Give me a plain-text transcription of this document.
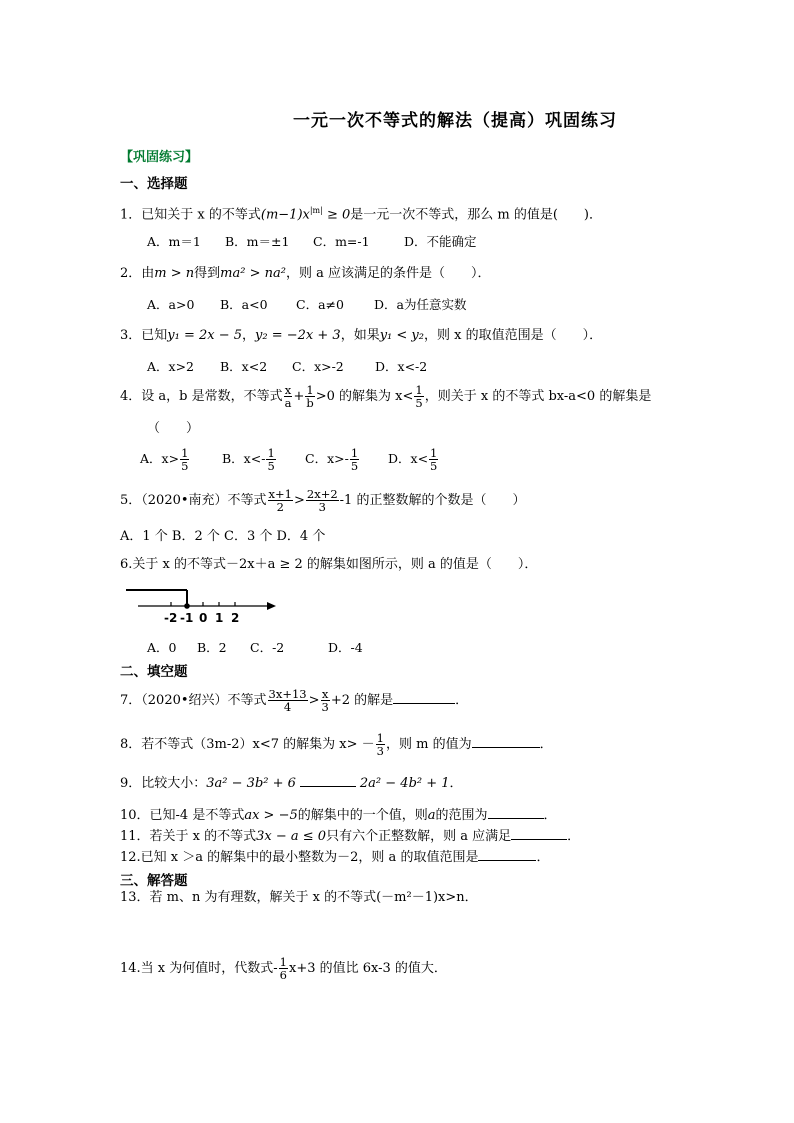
一元一次不等式的解法（提高）巩固练习
【巩固练习】
一、选择题
1．已知关于 x 的不等式$(m-1)x^{|m|} \ge 0$是一元一次不等式，那么 m 的值是(　　)．
A．m＝1 B．m＝±1 C．m=-1	D．不能确定
2．由m > n得到ma² > na²，则 a 应该满足的条件是（　　）．
A．a>0 B．a<0 C．a≠0 D．a为任意实数
3．已知y₁ = 2x − 5，y₂ = −2x + 3，如果y₁ < y₂，则 x 的取值范围是（　　）．
A．x>2 B．x<2 C．x>-2 D．x<-2
4．设 a，b 是常数，不等式 $\frac{x}{a} + \frac{1}{b} >0$ 的解集为 $x< \frac{1}{5}$ ，则关于 x 的不等式 bx-a<0 的解集是
（　　）
A．$x> \frac{1}{5}$	B．$x<- \frac{1}{5}$ C．$x>- \frac{1}{5}$ D．$x< \frac{1}{5}$
5．（2020•南充）不等式 $\frac{x+1}{2} > \frac{2x+2}{3} -1$ 的正整数解的个数是（　　）
A．1 个 B．2 个 C．3 个 D．4 个
6.关于 x 的不等式－2x＋a ≥ 2 的解集如图所示，则 a 的值是（　　）．
-2 -1 0 1 2
A．0 B．2 C．-2	D．-4
二、填空题
7．（2020•绍兴）不等式 $\frac{3x+13}{4} > \frac{x}{3} +2$ 的解是	．
8．若不等式（3m-2）x<7 的解集为 $x> - \frac{1}{3}$ ，则 m 的值为	．
9．比较大小：3a² − 3b² + 6	2a² − 4b² + 1．
10．已知-4 是不等式ax > −5的解集中的一个值，则a的范围为	．
11．若关于 x 的不等式3x − a ≤ 0只有六个正整数解，则 a 应满足	．
12.已知 x ＞a 的解集中的最小整数为－2，则 a 的取值范围是	．
三、解答题
13．若 m、n 为有理数，解关于 x 的不等式(－m²－1)x>n．
14.当 x 为何值时，代数式- $\frac{1}{6} x+3$ 的值比 6x-3 的值大．
